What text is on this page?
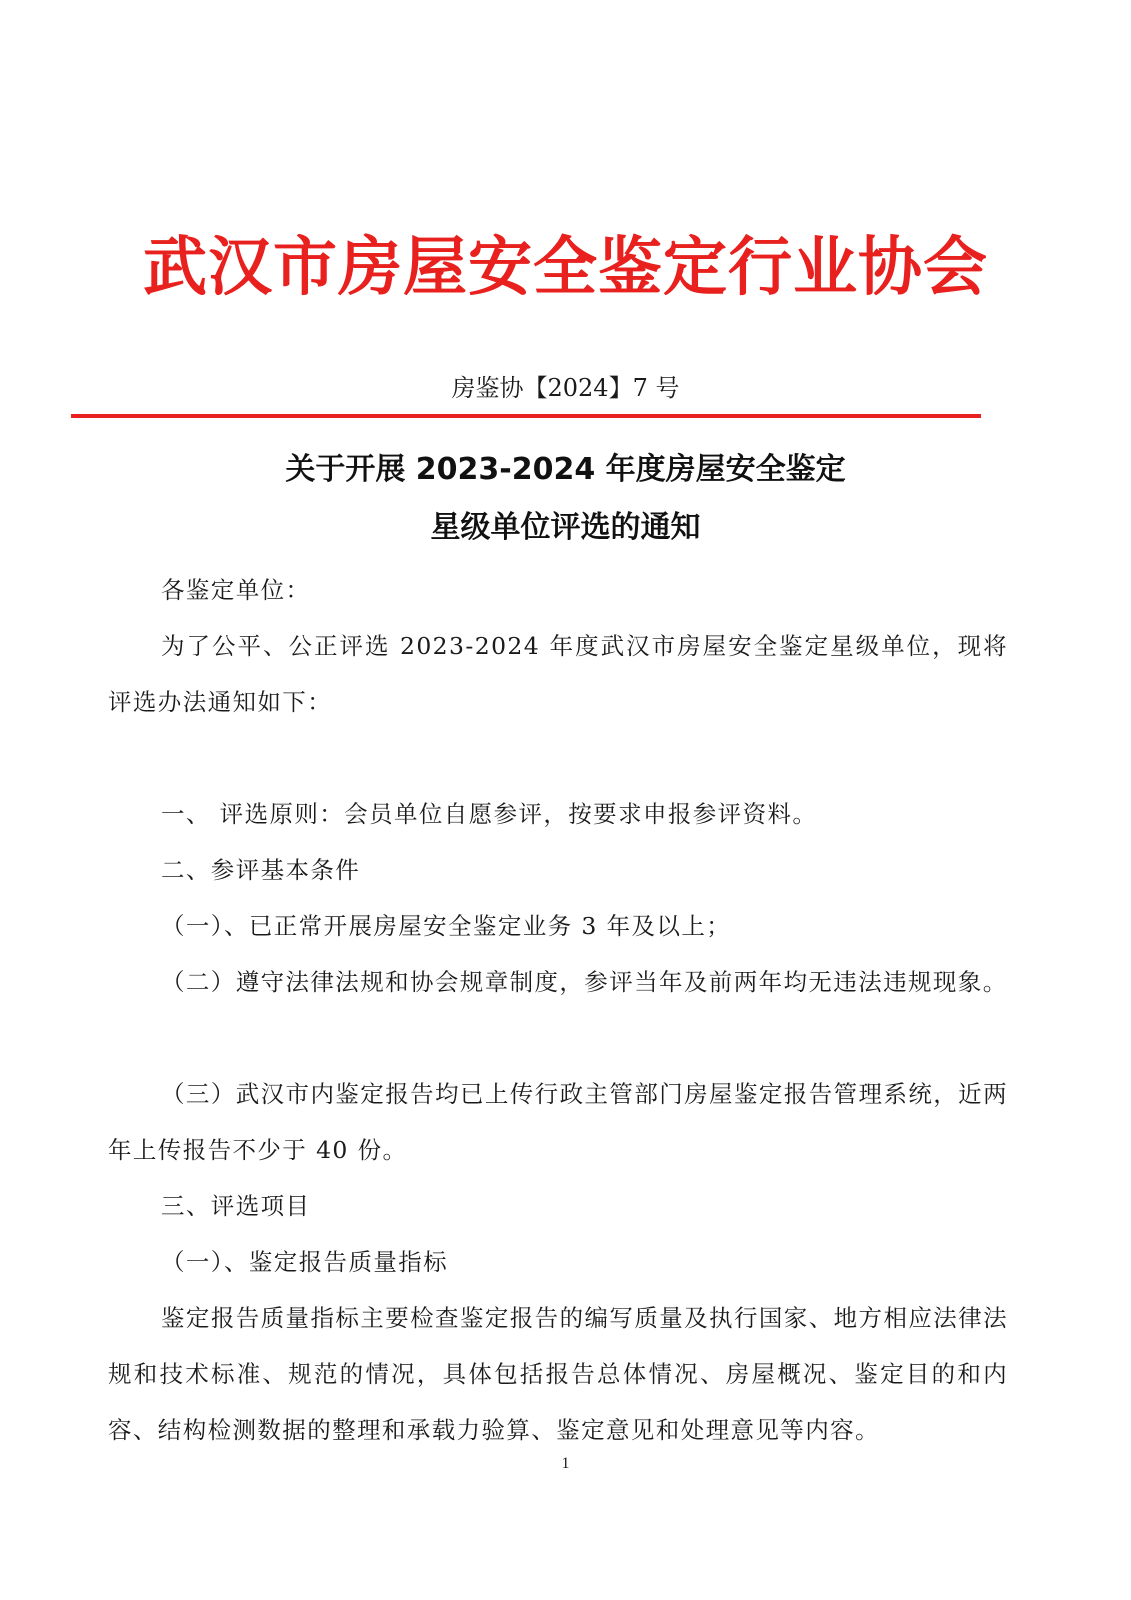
武汉市房屋安全鉴定行业协会
房鉴协【2024】7 号
关于开展 2023-2024 年度房屋安全鉴定
星级单位评选的通知
各鉴定单位：
为了公平、公正评选 2023-2024 年度武汉市房屋安全鉴定星级单位，现将评选办法通知如下：
一、 评选原则：会员单位自愿参评，按要求申报参评资料。
二、参评基本条件
（一）、已正常开展房屋安全鉴定业务 3 年及以上；
（二）遵守法律法规和协会规章制度，参评当年及前两年均无违法违规现象。
（三）武汉市内鉴定报告均已上传行政主管部门房屋鉴定报告管理系统，近两年上传报告不少于 40 份。
三、评选项目
（一）、鉴定报告质量指标
鉴定报告质量指标主要检查鉴定报告的编写质量及执行国家、地方相应法律法规和技术标准、规范的情况，具体包括报告总体情况、房屋概况、鉴定目的和内容、结构检测数据的整理和承载力验算、鉴定意见和处理意见等内容。
1
